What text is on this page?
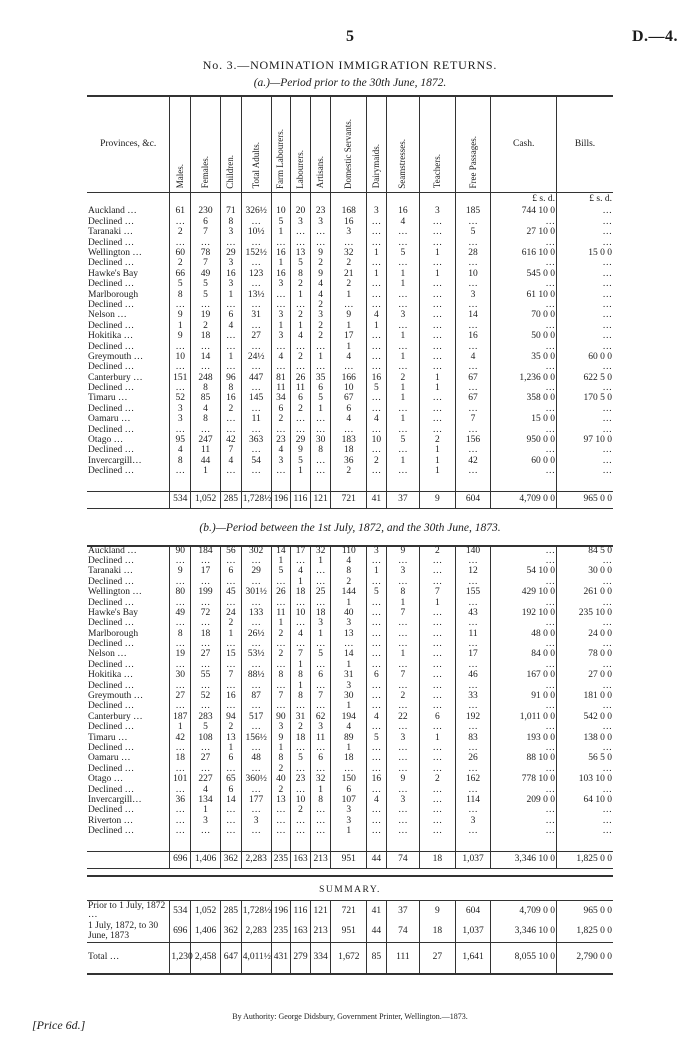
5	D.—4.
No. 3.—NOMINATION IMMIGRATION RETURNS.
(a.)—Period prior to the 30th June, 1872.
Provinces, &c.	Males.	Females.	Children.	Total Adults.	Farm Labourers.	Labourers.	Artisans.	Domestic Servants.	Dairymaids.	Seamstresses.	Teachers.	Free Passages.	Cash.	Bills.
													£ s. d.	£ s. d.
Auckland …	61	230	71	326½	10	20	23	168	3	16	3	185	744 10 0	…
Declined …	…	6	8	…	5	3	3	16	…	4	…	…	…	…
Taranaki …	2	7	3	10½	1	…	…	3	…	…	…	5	27 10 0	…
Declined …	…	…	…	…	…	…	…	…	…	…	…	…	…	…
Wellington …	60	78	29	152½	16	13	9	32	1	5	1	28	616 10 0	15 0 0
Declined …	2	7	3	…	1	5	2	2	…	…	…	…	…	…
Hawke's Bay	66	49	16	123	16	8	9	21	1	1	1	10	545 0 0	…
Declined …	5	5	3	…	3	2	4	2	…	1	…	…	…	…
Marlborough	8	5	1	13½	…	1	4	1	…	…	…	3	61 10 0	…
Declined …	…	…	…	…	…	…	2	…	…	…	…	…	…	…
Nelson …	9	19	6	31	3	2	3	9	4	3	…	14	70 0 0	…
Declined …	1	2	4	…	1	1	2	1	1	…	…	…	…	…
Hokitika …	9	18	…	27	3	4	2	17	…	1	…	16	50 0 0	…
Declined …	…	…	…	…	…	…	…	1	…	…	…	…	…	…
Greymouth …	10	14	1	24½	4	2	1	4	…	1	…	4	35 0 0	60 0 0
Declined …	…	…	…	…	…	…	…	…	…	…	…	…	…	…
Canterbury …	151	248	96	447	81	26	35	166	16	2	1	67	1,236 0 0	622 5 0
Declined …	…	8	8	…	11	11	6	10	5	1	1	…	…	…
Timaru …	52	85	16	145	34	6	5	67	…	1	…	67	358 0 0	170 5 0
Declined …	3	4	2	…	6	2	1	6	…	…	…	…	…	…
Oamaru …	3	8	…	11	2	…	…	4	4	1	…	7	15 0 0	…
Declined …	…	…	…	…	…	…	…	…	…	…	…	…	…	…
Otago …	95	247	42	363	23	29	30	183	10	5	2	156	950 0 0	97 10 0
Declined …	4	11	7	…	4	9	8	18	…	…	1	…	…	…
Invercargill…	8	44	4	54	3	5	…	36	2	1	1	42	60 0 0	…
Declined …	…	1	…	…	…	1	…	2	…	…	1	…	…	…

	534	1,052	285	1,728½	196	116	121	721	41	37	9	604	4,709 0 0	965 0 0
(b.)—Period between the 1st July, 1872, and the 30th June, 1873.
Auckland …	90	184	56	302	14	17	32	110	3	9	2	140	…	84 5 0
Declined …	…	…	…	…	1	…	1	4	…	…	…	…	…	…
Taranaki …	9	17	6	29	5	4	…	8	1	3	…	12	54 10 0	30 0 0
Declined …	…	…	…	…	…	1	…	2	…	…	…	…	…	…
Wellington …	80	199	45	301½	26	18	25	144	5	8	7	155	429 10 0	261 0 0
Declined …	…	…	…	…	…	…	…	1	…	1	1	…	…	…
Hawke's Bay	49	72	24	133	11	10	18	40	…	7	…	43	192 10 0	235 10 0
Declined …	…	…	2	…	1	…	3	3	…	…	…	…	…	…
Marlborough	8	18	1	26½	2	4	1	13	…	…	…	11	48 0 0	24 0 0
Declined …	…	…	…	…	…	…	…	…	…	…	…	…	…	…
Nelson …	19	27	15	53½	2	7	5	14	…	1	…	17	84 0 0	78 0 0
Declined …	…	…	…	…	…	1	…	1	…	…	…	…	…	…
Hokitika …	30	55	7	88½	8	8	6	31	6	7	…	46	167 0 0	27 0 0
Declined …	…	…	…	…	…	1	…	3	…	…	…	…	…	…
Greymouth …	27	52	16	87	7	8	7	30	…	2	…	33	91 0 0	181 0 0
Declined …	…	…	…	…	…	…	…	1	…	…	…	…	…	…
Canterbury …	187	283	94	517	90	31	62	194	4	22	6	192	1,011 0 0	542 0 0
Declined …	1	5	2	…	3	2	3	4	…	…	…	…	…	…
Timaru …	42	108	13	156½	9	18	11	89	5	3	1	83	193 0 0	138 0 0
Declined …	…	…	1	…	1	…	…	1	…	…	…	…	…	…
Oamaru …	18	27	6	48	8	5	6	18	…	…	…	26	88 10 0	56 5 0
Declined …	…	…	…	…	2	…	…	…	…	…	…	…	…	…
Otago …	101	227	65	360½	40	23	32	150	16	9	2	162	778 10 0	103 10 0
Declined …	…	4	6	…	2	…	1	6	…	…	…	…	…	…
Invercargill…	36	134	14	177	13	10	8	107	4	3	…	114	209 0 0	64 10 0
Declined …	…	1	…	…	…	2	…	3	…	…	…	…	…	…
Riverton …	…	3	…	3	…	…	…	3	…	…	…	3	…	…
Declined …	…	…	…	…	…	…	…	1	…	…	…	…	…	…

	696	1,406	362	2,283	235	163	213	951	44	74	18	1,037	3,346 10 0	1,825 0 0
SUMMARY.
Prior to 1 July, 1872 …	534	1,052	285	1,728½	196	116	121	721	41	37	9	604	4,709 0 0	965 0 0
1 July, 1872, to 30 June, 1873	696	1,406	362	2,283	235	163	213	951	44	74	18	1,037	3,346 10 0	1,825 0 0
Total …	1,230	2,458	647	4,011½	431	279	334	1,672	85	111	27	1,641	8,055 10 0	2,790 0 0
By Authority: George Didsbury, Government Printer, Wellington.—1873.
[Price 6d.]
